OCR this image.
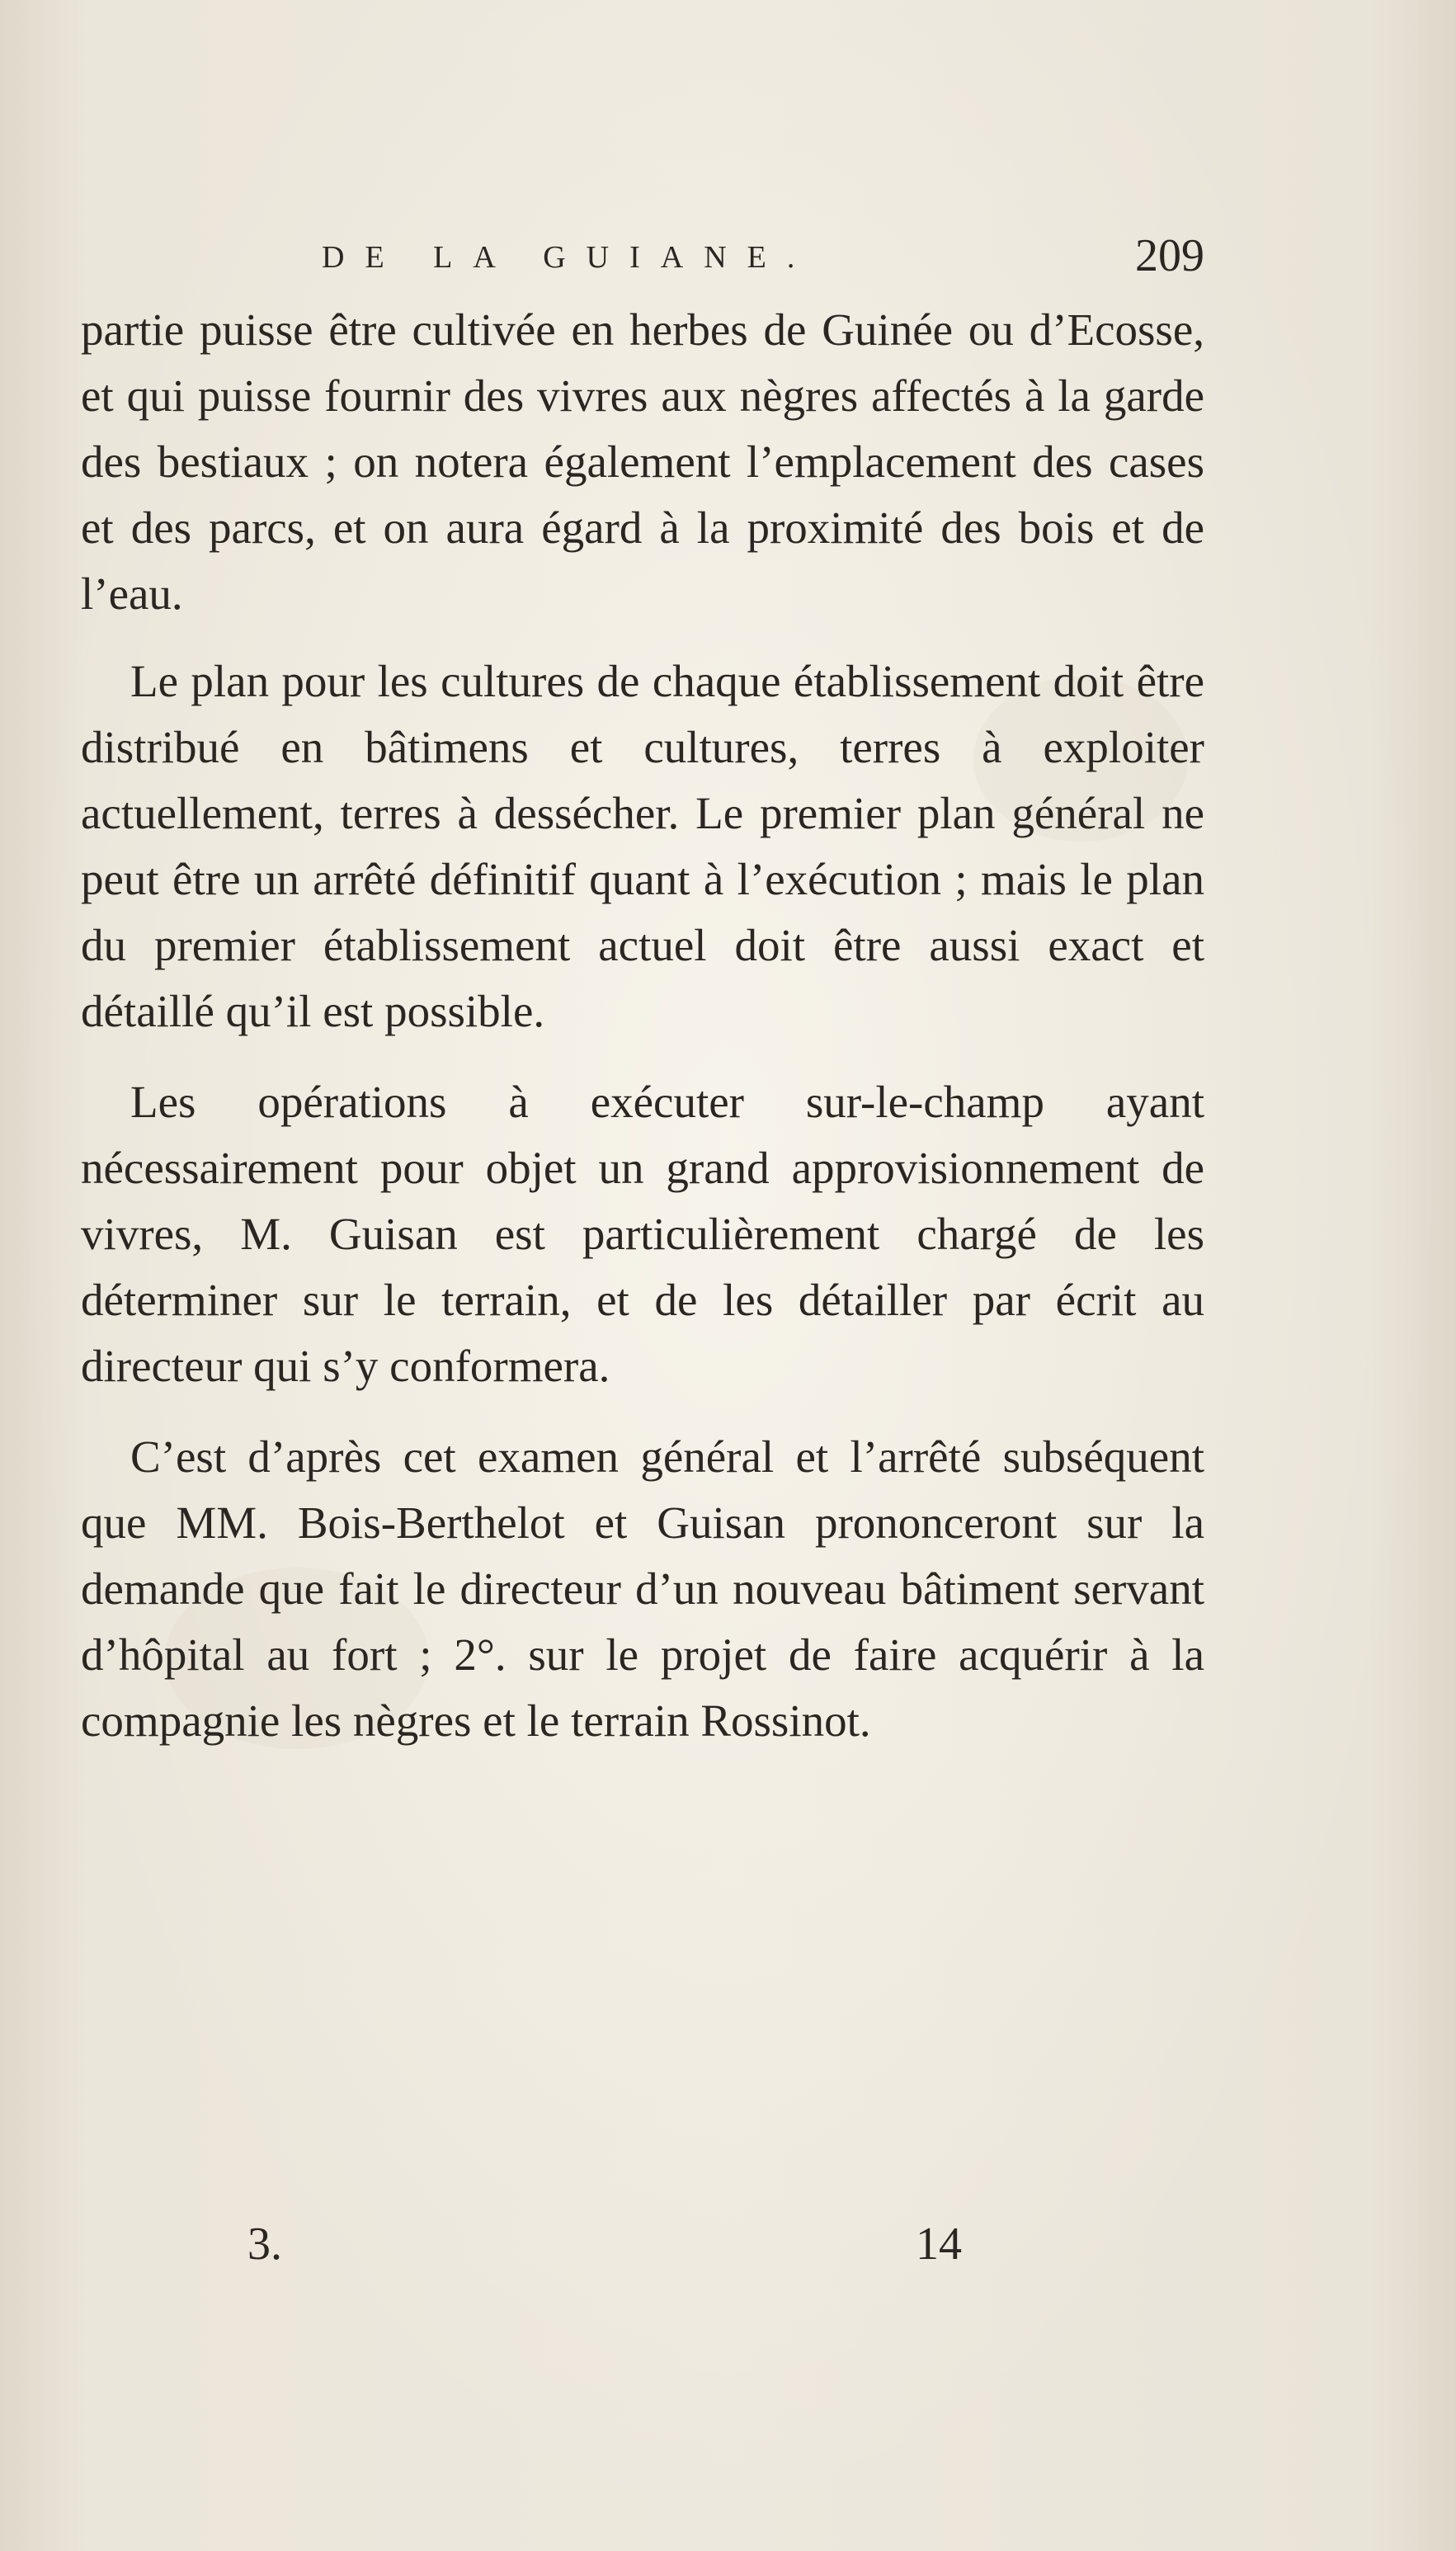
DE LA GUIANE.	209

partie puisse être cultivée en herbes de Guinée ou d’Ecosse, et qui puisse fournir des vivres aux nègres affectés à la garde des bestiaux ; on notera également l’emplacement des cases et des parcs, et on aura égard à la proximité des bois et de l’eau.

Le plan pour les cultures de chaque établissement doit être distribué en bâtimens et cultures, terres à exploiter actuellement, terres à dessécher. Le premier plan général ne peut être un arrêté définitif quant à l’exécution ; mais le plan du premier établissement actuel doit être aussi exact et détaillé qu’il est possible.

Les opérations à exécuter sur-le-champ ayant nécessairement pour objet un grand approvisionnement de vivres, M. Guisan est particulièrement chargé de les déterminer sur le terrain, et de les détailler par écrit au directeur qui s’y conformera.

C’est d’après cet examen général et l’arrêté subséquent que MM. Bois-Berthelot et Guisan prononceront sur la demande que fait le directeur d’un nouveau bâtiment servant d’hôpital au fort ; 2°. sur le projet de faire acquérir à la compagnie les nègres et le terrain Rossinot.

3.	14
